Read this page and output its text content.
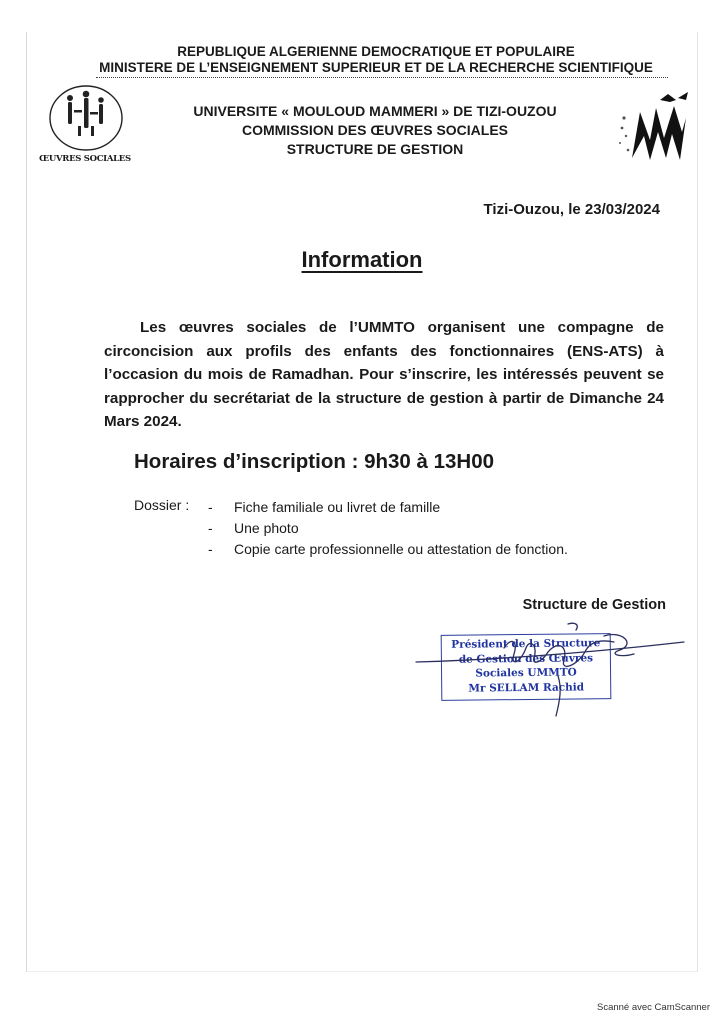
REPUBLIQUE ALGERIENNE DEMOCRATIQUE ET POPULAIRE

MINISTERE DE L’ENSEIGNEMENT SUPERIEUR ET DE LA RECHERCHE SCIENTIFIQUE

ŒUVRES SOCIALES

UNIVERSITE « MOULOUD MAMMERI » DE TIZI-OUZOU

COMMISSION DES ŒUVRES SOCIALES

STRUCTURE DE GESTION

Tizi-Ouzou, le 23/03/2024

Information

Les œuvres sociales de l’UMMTO organisent une compagne de circoncision aux profils des enfants des fonctionnaires (ENS-ATS) à l’occasion du mois de Ramadhan. Pour s’inscrire, les intéressés peuvent se rapprocher du secrétariat de la structure de gestion à partir de Dimanche 24 Mars 2024.

Horaires d’inscription : 9h30 à 13H00

Dossier : -	Fiche familiale ou livret de famille
-	Une photo
-	Copie carte professionnelle ou attestation de fonction.

Structure de Gestion

Président de la Structure
de Gestion des Œuvres
Sociales UMMTO
Mr SELLAM Rachid

Scanné avec CamScanner
